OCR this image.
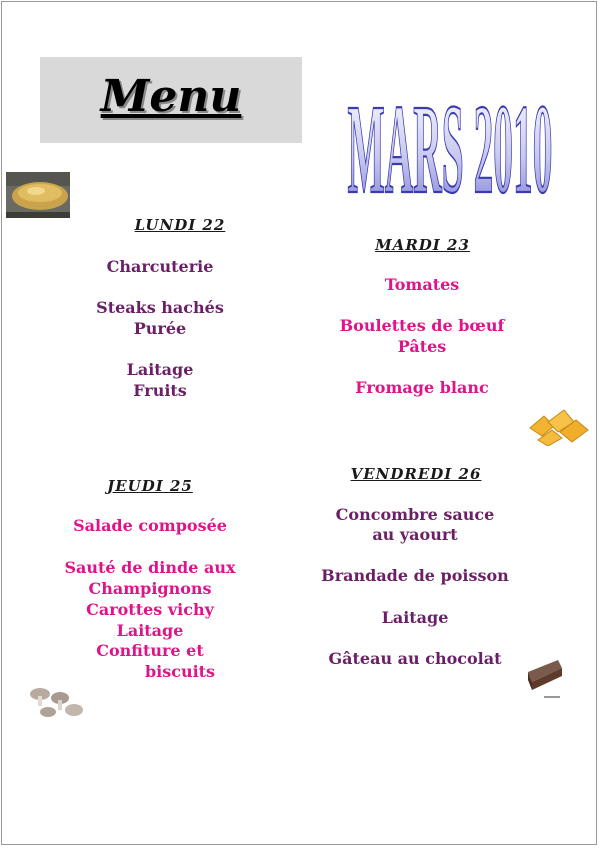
Menu MARS 2010
LUNDI 22
Charcuterie
Steaks hachés
Purée
Laitage
Fruits
MARDI 23
Tomates
Boulettes de bœuf
Pâtes
Fromage blanc
JEUDI 25
Salade composée
Sauté de dinde aux
Champignons
Carottes vichy
Laitage
Confiture et
biscuits
VENDREDI 26
Concombre sauce
au yaourt
Brandade de poisson
Laitage
Gâteau au chocolat
